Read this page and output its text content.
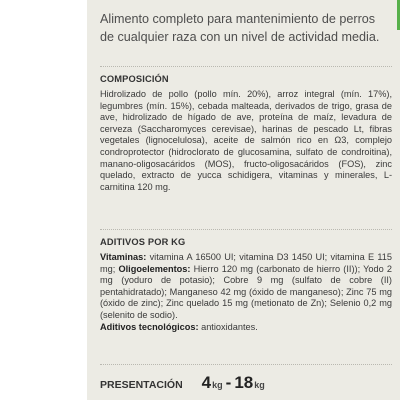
Alimento completo para mantenimiento de perros de cualquier raza con un nivel de actividad media.
COMPOSICIÓN
Hidrolizado de pollo (pollo mín. 20%), arroz integral (mín. 17%), legumbres (mín. 15%), cebada malteada, derivados de trigo, grasa de ave, hidrolizado de hígado de ave, proteína de maíz, levadura de cerveza (Saccharomyces cerevisae), harinas de pescado Lt, fibras vegetales (lignocelulosa), aceite de salmón rico en Ω3, complejo condroprotector (hidroclorato de glucosamina, sulfato de condroitina), manano-oligosacáridos (MOS), fructo-oligosacáridos (FOS), zinc quelado, extracto de yucca schidigera, vitaminas y minerales, L-carnitina 120 mg.
ADITIVOS POR KG
Vitaminas: vitamina A 16500 UI; vitamina D3 1450 UI; vitamina E 115 mg; Oligoelementos: Hierro 120 mg (carbonato de hierro (II)); Yodo 2 mg (yoduro de potasio); Cobre 9 mg (sulfato de cobre (II) pentahidratado); Manganeso 42 mg (óxido de manganeso); Zinc 75 mg (óxido de zinc); Zinc quelado 15 mg (metionato de Zn); Selenio 0,2 mg (selenito de sodio).
Aditivos tecnológicos: antioxidantes.
PRESENTACIÓN 4 kg - 18 kg
